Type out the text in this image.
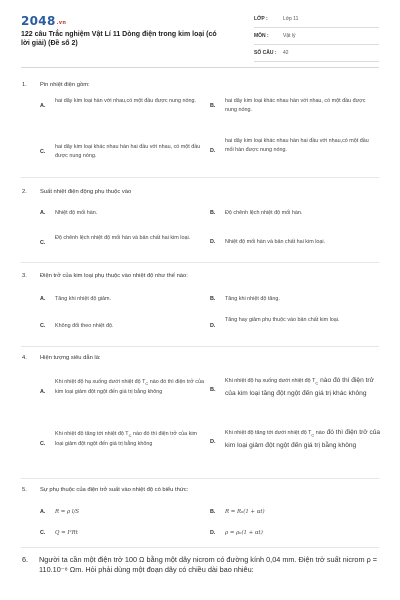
2048.vn
122 câu Trắc nghiệm Vật Lí 11 Dòng điện trong kim loại (có lời giải) (Đề số 2)
LỚP :	Lớp 11
MÔN :	Vật lý
SỐ CÂU : 42
1. Pin nhiệt điện gồm:
A.
hai dây kim loại hàn với nhau,có một đầu được nung nóng.
B.
hai dây kim loại khác nhau hàn với nhau, có một đầu được nung nóng.
C.
hai dây kim loại khác nhau hàn hai đầu với nhau, có một đầu được nung nóng.
D.
hai dây kim loại khác nhau hàn hai đầu với nhau,có một đầu mối hàn được nung nóng.
2. Suất nhiệt điện động phụ thuộc vào
A. Nhiệt độ mối hàn.	B. Độ chênh lệch nhiệt độ mối hàn.
C.
Độ chênh lệch nhiệt độ mối hàn và bản chất hai kim loại.
D. Nhiệt độ mối hàn và bản chất hai kim loại.
3. Điện trở của kim loại phụ thuộc vào nhiệt độ như thế nào:
A. Tăng khi nhiệt độ giảm.	B. Tăng khi nhiệt độ tăng.
C. Không đổi theo nhiệt độ.	D.
Tăng hay giảm phụ thuộc vào bản chất kim loại.
4. Hiện tượng siêu dẫn là:
A.
Khi nhiệt độ hạ xuống dưới nhiệt độ $T_C$ nào đó thì điện trở của kim loại giảm đột ngột đến giá trị bằng không	B.
Khi nhiệt độ hạ xuống dưới nhiệt độ $T_C$ nào đó thì điện trở của kim loại tăng đột ngột đến giá trị khác không
C.
Khi nhiệt độ tăng tới nhiệt độ $T_C$ nào đó thì điện trở của kim loại giảm đột ngột đến giá trị bằng không	D.
Khi nhiệt độ tăng tới dưới nhiệt độ $T_C$ nào đó thì điện trở của kim loại giảm đột ngột đến giá trị bằng không
5. Sự phụ thuộc của điện trở suất vào nhiệt độ có biểu thức:
A. R = ρ l/S	B. R = R₀(1 + αt)
C. Q = I²Rt	D. ρ = ρ₀(1 + αt)
6. Người ta cần một điện trở 100 Ω bằng một dây nicrom có đường kính 0,04 mm. Điện trở suất nicrom ρ = 110.10⁻⁸ Ωm. Hỏi phải dùng một đoạn dây có chiều dài bao nhiêu:
